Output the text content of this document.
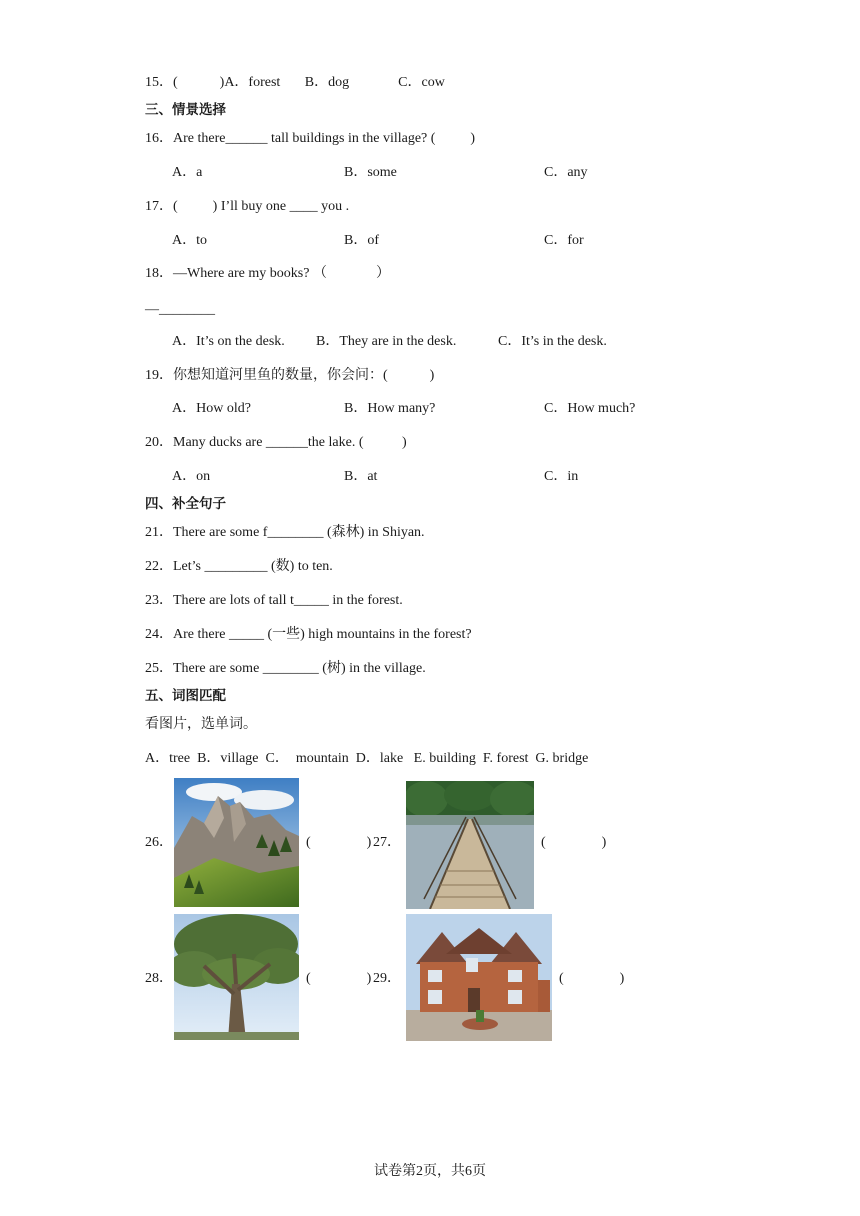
15．(            )A．forest       B．dog              C．cow
三、情景选择
16．Are there______ tall buildings in the village? (          )
A．a	B．some	C．any
17．(          ) I’ll buy one ____ you .
A．to	B．of	C．for
18．—Where are my books? （              ）
—________
A．It’s on the desk. B．They are in the desk.	C．It’s in the desk.
19．你想知道河里鱼的数量，你会问：(            )
A．How old?	B．How many?	C．How much?
20．Many ducks are ______the lake. (           )
A．on	B．at	C．in
四、补全句子
21．There are some f________ (森林) in Shiyan.
22．Let’s _________ (数) to ten.
23．There are lots of tall t_____ in the forest.
24．Are there _____ (一些) high mountains in the forest?
25．There are some ________ (树) in the village.
五、词图匹配
看图片，选单词。
A．tree  B．village  C．  mountain  D．lake   E. building  F. forest  G. bridge
26．	(                ) 27．	(                )
28．	(                ) 29．	(                )
试卷第2页，共6页
